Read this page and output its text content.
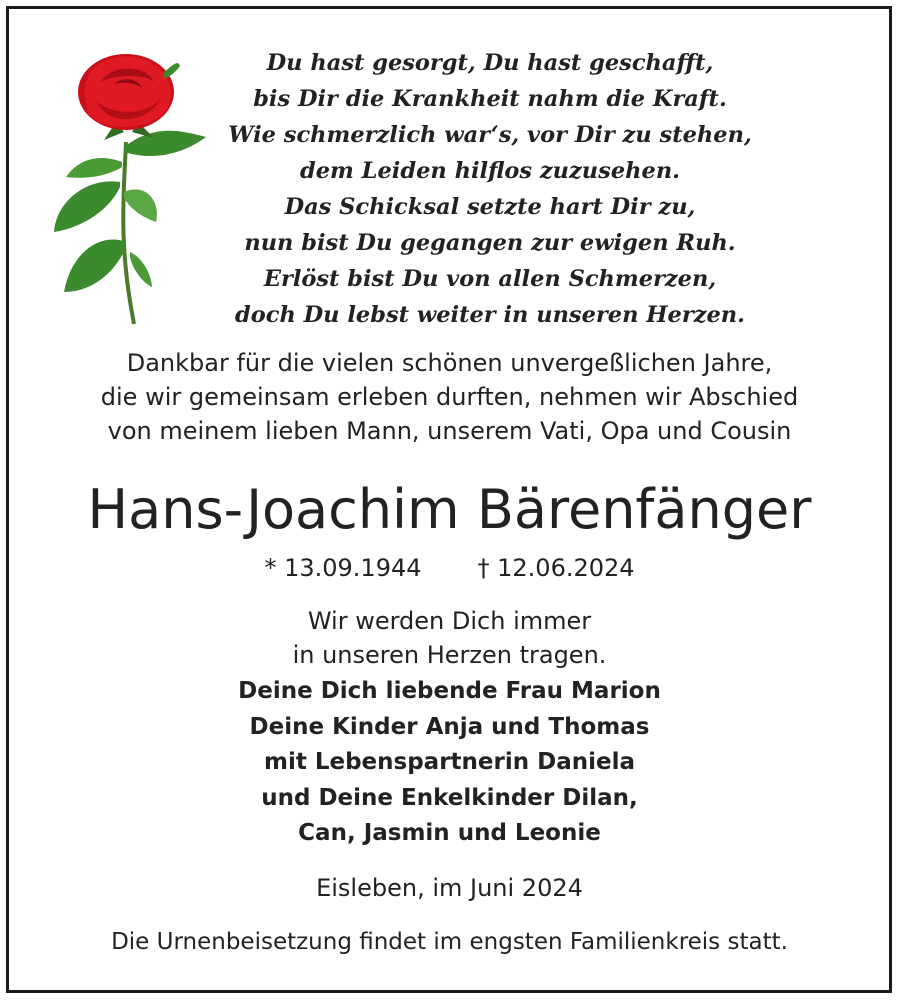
Du hast gesorgt, Du hast geschafft,
bis Dir die Krankheit nahm die Kraft.
Wie schmerzlich war‘s, vor Dir zu stehen,
dem Leiden hilflos zuzusehen.
Das Schicksal setzte hart Dir zu,
nun bist Du gegangen zur ewigen Ruh.
Erlöst bist Du von allen Schmerzen,
doch Du lebst weiter in unseren Herzen.
Dankbar für die vielen schönen unvergeßlichen Jahre,
die wir gemeinsam erleben durften, nehmen wir Abschied
von meinem lieben Mann, unserem Vati, Opa und Cousin
Hans-Joachim Bärenfänger
* 13.09.1944 † 12.06.2024
Wir werden Dich immer
in unseren Herzen tragen.
Deine Dich liebende Frau Marion
Deine Kinder Anja und Thomas
mit Lebenspartnerin Daniela
und Deine Enkelkinder Dilan,
Can, Jasmin und Leonie
Eisleben, im Juni 2024
Die Urnenbeisetzung findet im engsten Familienkreis statt.
